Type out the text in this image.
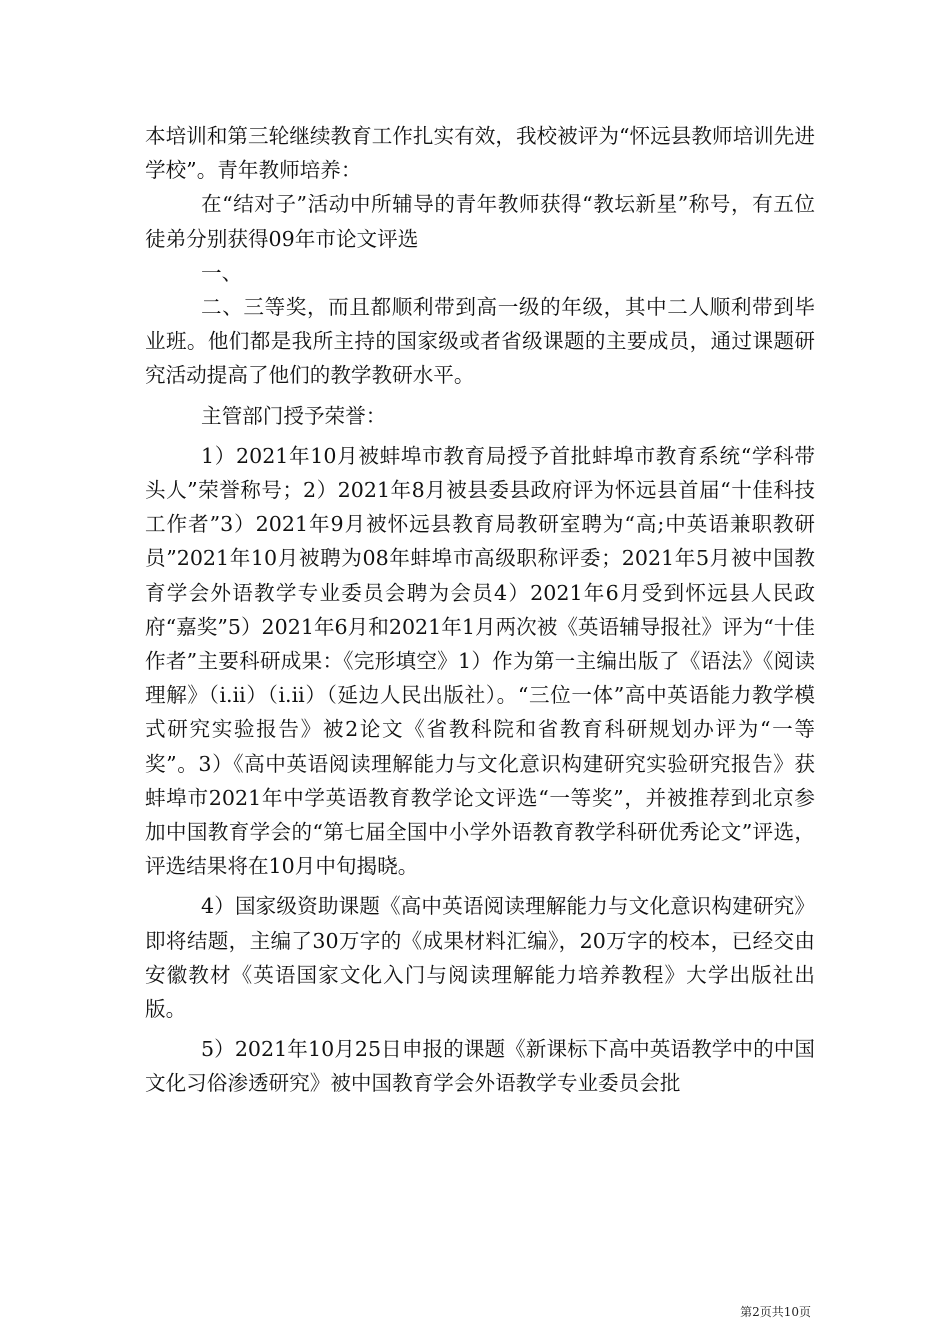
本培训和第三轮继续教育工作扎实有效，我校被评为“怀远县教师培训先进学校”。青年教师培养：

在“结对子”活动中所辅导的青年教师获得“教坛新星”称号，有五位徒弟分别获得09年市论文评选

一、

二、三等奖，而且都顺利带到高一级的年级，其中二人顺利带到毕业班。他们都是我所主持的国家级或者省级课题的主要成员，通过课题研究活动提高了他们的教学教研水平。

主管部门授予荣誉：

1）2021年10月被蚌埠市教育局授予首批蚌埠市教育系统“学科带头人”荣誉称号；2）2021年8月被县委县政府评为怀远县首届“十佳科技工作者”3）2021年9月被怀远县教育局教研室聘为“高;中英语兼职教研员”2021年10月被聘为08年蚌埠市高级职称评委；2021年5月被中国教育学会外语教学专业委员会聘为会员4）2021年6月受到怀远县人民政府“嘉奖”5）2021年6月和2021年1月两次被《英语辅导报社》评为“十佳作者”主要科研成果：《完形填空》1）作为第一主编出版了《语法》《阅读理解》（i.ii）（i.ii）（延边人民出版社）。“三位一体”高中英语能力教学模式研究实验报告》被2论文《省教科院和省教育科研规划办评为“一等奖”。3）《高中英语阅读理解能力与文化意识构建研究实验研究报告》获蚌埠市2021年中学英语教育教学论文评选“一等奖”，并被推荐到北京参加中国教育学会的“第七届全国中小学外语教育教学科研优秀论文”评选，评选结果将在10月中旬揭晓。

4）国家级资助课题《高中英语阅读理解能力与文化意识构建研究》即将结题，主编了30万字的《成果材料汇编》，20万字的校本，已经交由安徽教材《英语国家文化入门与阅读理解能力培养教程》大学出版社出版。

5）2021年10月25日申报的课题《新课标下高中英语教学中的中国文化习俗渗透研究》被中国教育学会外语教学专业委员会批

第2页共10页
